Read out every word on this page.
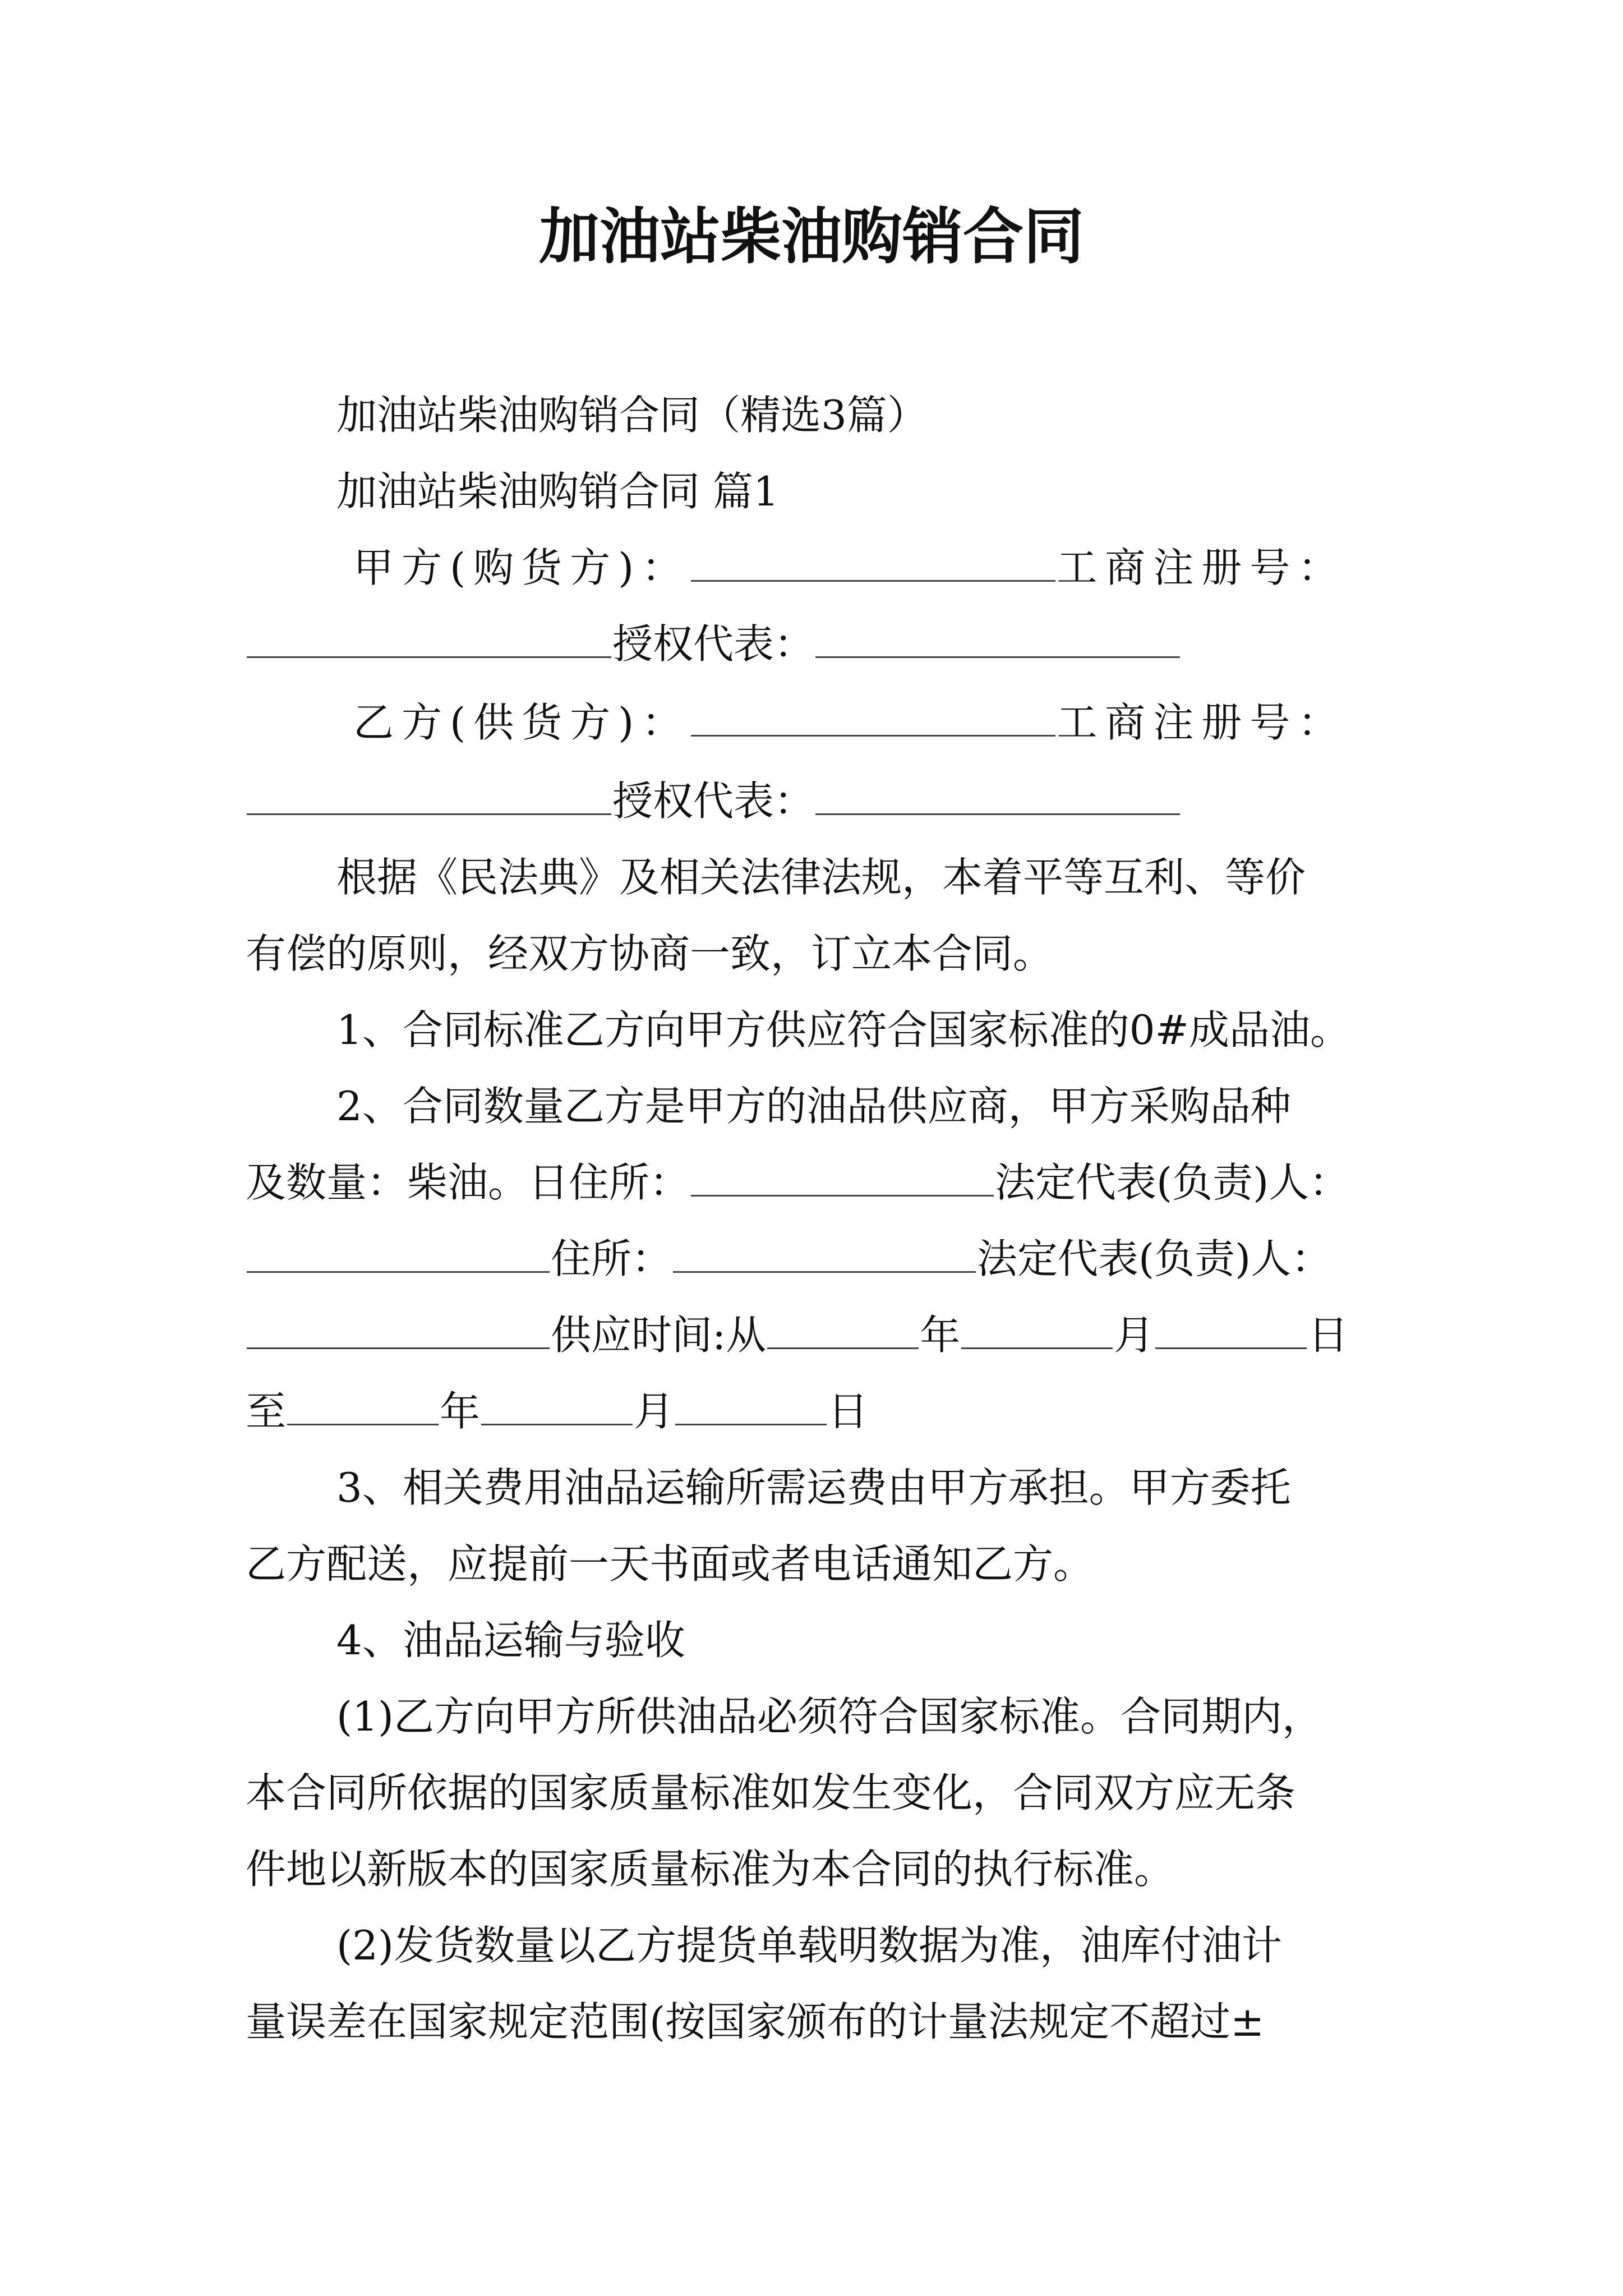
加油站柴油购销合同
加油站柴油购销合同（精选3篇）
加油站柴油购销合同 篇1
甲方(购货方)：	工商注册号：
授权代表：
乙方(供货方)：	工商注册号：
授权代表：
根据《民法典》及相关法律法规，本着平等互利、等价
有偿的原则，经双方协商一致，订立本合同。
1、合同标准乙方向甲方供应符合国家标准的0#成品油。
2、合同数量乙方是甲方的油品供应商，甲方采购品种
及数量：柴油。日住所：	法定代表(负责)人：
住所：	法定代表(负责)人：
供应时间:从	年	月	日
至	年	月	日
3、相关费用油品运输所需运费由甲方承担。甲方委托
乙方配送，应提前一天书面或者电话通知乙方。
4、油品运输与验收
(1)乙方向甲方所供油品必须符合国家标准。合同期内，
本合同所依据的国家质量标准如发生变化，合同双方应无条
件地以新版本的国家质量标准为本合同的执行标准。
(2)发货数量以乙方提货单载明数据为准，油库付油计
量误差在国家规定范围(按国家颁布的计量法规定不超过±
